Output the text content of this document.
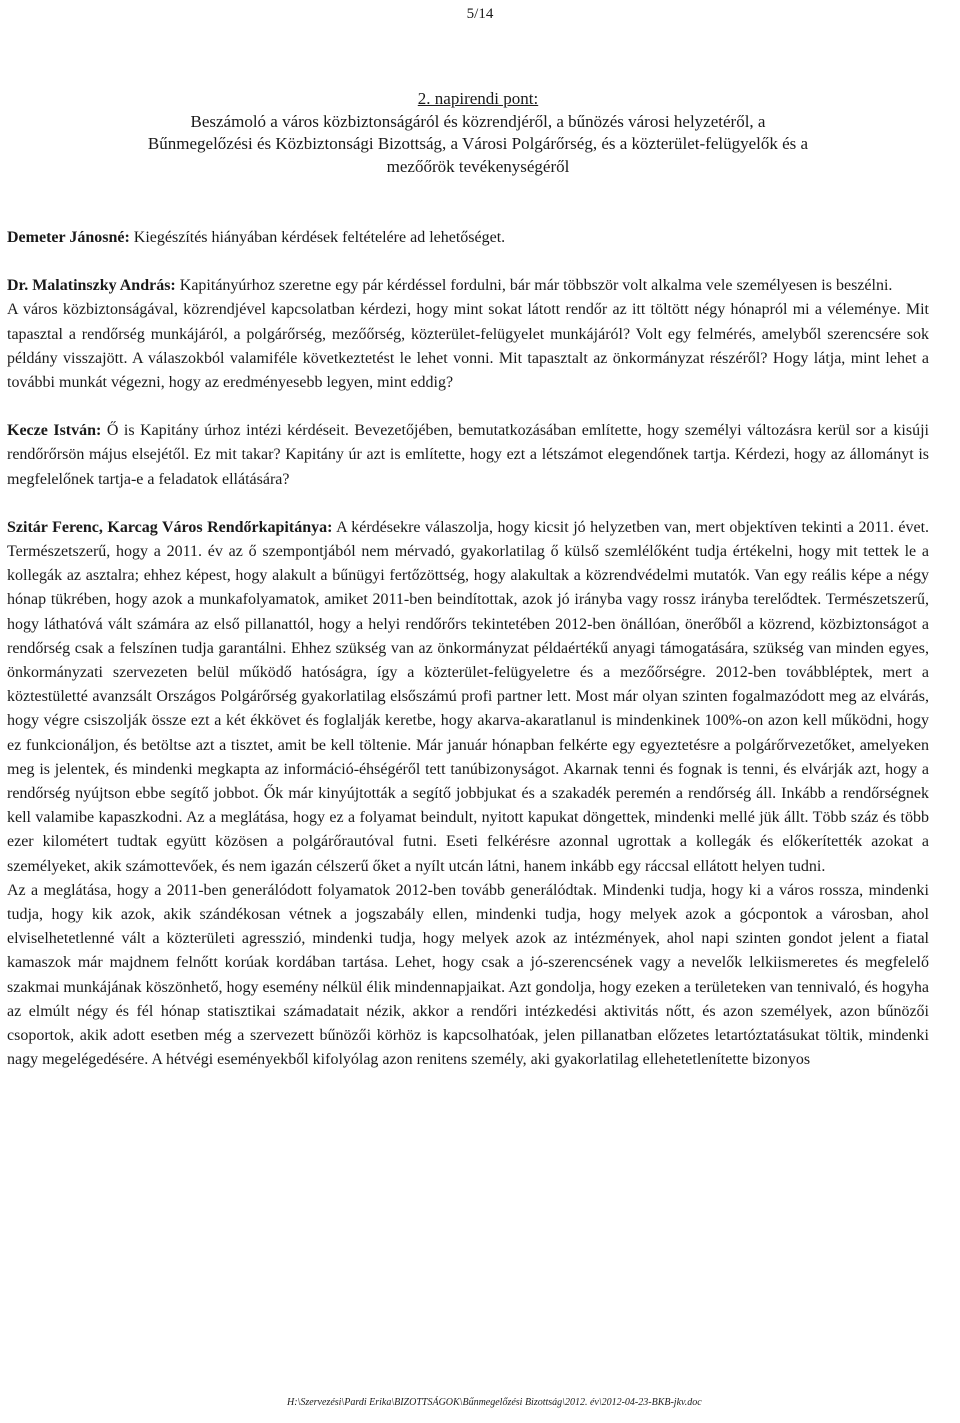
5/14
2. napirendi pont:
Beszámoló a város közbiztonságáról és közrendjéről, a bűnözés városi helyzetéről, a
Bűnmegelőzési és Közbiztonsági Bizottság, a Városi Polgárőrség, és a közterület-felügyelők és a
mezőőrök tevékenységéről

Demeter Jánosné: Kiegészítés hiányában kérdések feltételére ad lehetőséget.

Dr. Malatinszky András: Kapitányúrhoz szeretne egy pár kérdéssel fordulni, bár már többször volt alkalma vele személyesen is beszélni.

A város közbiztonságával, közrendjével kapcsolatban kérdezi, hogy mint sokat látott rendőr az itt töltött négy hónapról mi a véleménye. Mit tapasztal a rendőrség munkájáról, a polgárőrség, mezőőrség, közterület-felügyelet munkájáról? Volt egy felmérés, amelyből szerencsére sok példány visszajött. A válaszokból valamiféle következtetést le lehet vonni. Mit tapasztalt az önkormányzat részéről? Hogy látja, mint lehet a további munkát végezni, hogy az eredményesebb legyen, mint eddig?

Kecze István: Ő is Kapitány úrhoz intézi kérdéseit. Bevezetőjében, bemutatkozásában említette, hogy személyi változásra kerül sor a kisúji rendőrőrsön május elsejétől. Ez mit takar? Kapitány úr azt is említette, hogy ezt a létszámot elegendőnek tartja. Kérdezi, hogy az állományt is megfelelőnek tartja-e a feladatok ellátására?

Szitár Ferenc, Karcag Város Rendőrkapitánya: A kérdésekre válaszolja, hogy kicsit jó helyzetben van, mert objektíven tekinti a 2011. évet. Természetszerű, hogy a 2011. év az ő szempontjából nem mérvadó, gyakorlatilag ő külső szemlélőként tudja értékelni, hogy mit tettek le a kollegák az asztalra; ehhez képest, hogy alakult a bűnügyi fertőzöttség, hogy alakultak a közrendvédelmi mutatók. Van egy reális képe a négy hónap tükrében, hogy azok a munkafolyamatok, amiket 2011-ben beindítottak, azok jó irányba vagy rossz irányba terelődtek. Természetszerű, hogy láthatóvá vált számára az első pillanattól, hogy a helyi rendőrőrs tekintetében 2012-ben önállóan, önerőből a közrend, közbiztonságot a rendőrség csak a felszínen tudja garantálni. Ehhez szükség van az önkormányzat példaértékű anyagi támogatására, szükség van minden egyes, önkormányzati szervezeten belül működő hatóságra, így a közterület-felügyeletre és a mezőőrségre. 2012-ben továbbléptek, mert a köztestületté avanzsált Országos Polgárőrség gyakorlatilag elsőszámú profi partner lett. Most már olyan szinten fogalmazódott meg az elvárás, hogy végre csiszolják össze ezt a két ékkövet és foglalják keretbe, hogy akarva-akaratlanul is mindenkinek 100%-on azon kell működni, hogy ez funkcionáljon, és betöltse azt a tisztet, amit be kell töltenie. Már január hónapban felkérte egy egyeztetésre a polgárőrvezetőket, amelyeken meg is jelentek, és mindenki megkapta az információ-éhségéről tett tanúbizonyságot. Akarnak tenni és fognak is tenni, és elvárják azt, hogy a rendőrség nyújtson ebbe segítő jobbot. Ők már kinyújtották a segítő jobbjukat és a szakadék peremén a rendőrség áll. Inkább a rendőrségnek kell valamibe kapaszkodni. Az a meglátása, hogy ez a folyamat beindult, nyitott kapukat döngettek, mindenki mellé jük állt. Több száz és több ezer kilométert tudtak együtt közösen a polgárőrautóval futni. Eseti felkérésre azonnal ugrottak a kollegák és előkerítették azokat a személyeket, akik számottevőek, és nem igazán célszerű őket a nyílt utcán látni, hanem inkább egy ráccsal ellátott helyen tudni.

Az a meglátása, hogy a 2011-ben generálódott folyamatok 2012-ben tovább generálódtak. Mindenki tudja, hogy ki a város rossza, mindenki tudja, hogy kik azok, akik szándékosan vétnek a jogszabály ellen, mindenki tudja, hogy melyek azok a gócpontok a városban, ahol elviselhetetlenné vált a közterületi agresszió, mindenki tudja, hogy melyek azok az intézmények, ahol napi szinten gondot jelent a fiatal kamaszok már majdnem felnőtt korúak kordában tartása. Lehet, hogy csak a jó-szerencsének vagy a nevelők lelkiismeretes és megfelelő szakmai munkájának köszönhető, hogy esemény nélkül élik mindennapjaikat. Azt gondolja, hogy ezeken a területeken van tennivaló, és hogyha az elmúlt négy és fél hónap statisztikai számadatait nézik, akkor a rendőri intézkedési aktivitás nőtt, és azon személyek, azon bűnözői csoportok, akik adott esetben még a szervezett bűnözői körhöz is kapcsolhatóak, jelen pillanatban előzetes letartóztatásukat töltik, mindenki nagy megelégedésére. A hétvégi eseményekből kifolyólag azon renitens személy, aki gyakorlatilag ellehetetlenítette bizonyos

H:\Szervezési\Pardi Erika\BIZOTTSÁGOK\Bűnmegelőzési Bizottság\2012. év\2012-04-23-BKB-jkv.doc
